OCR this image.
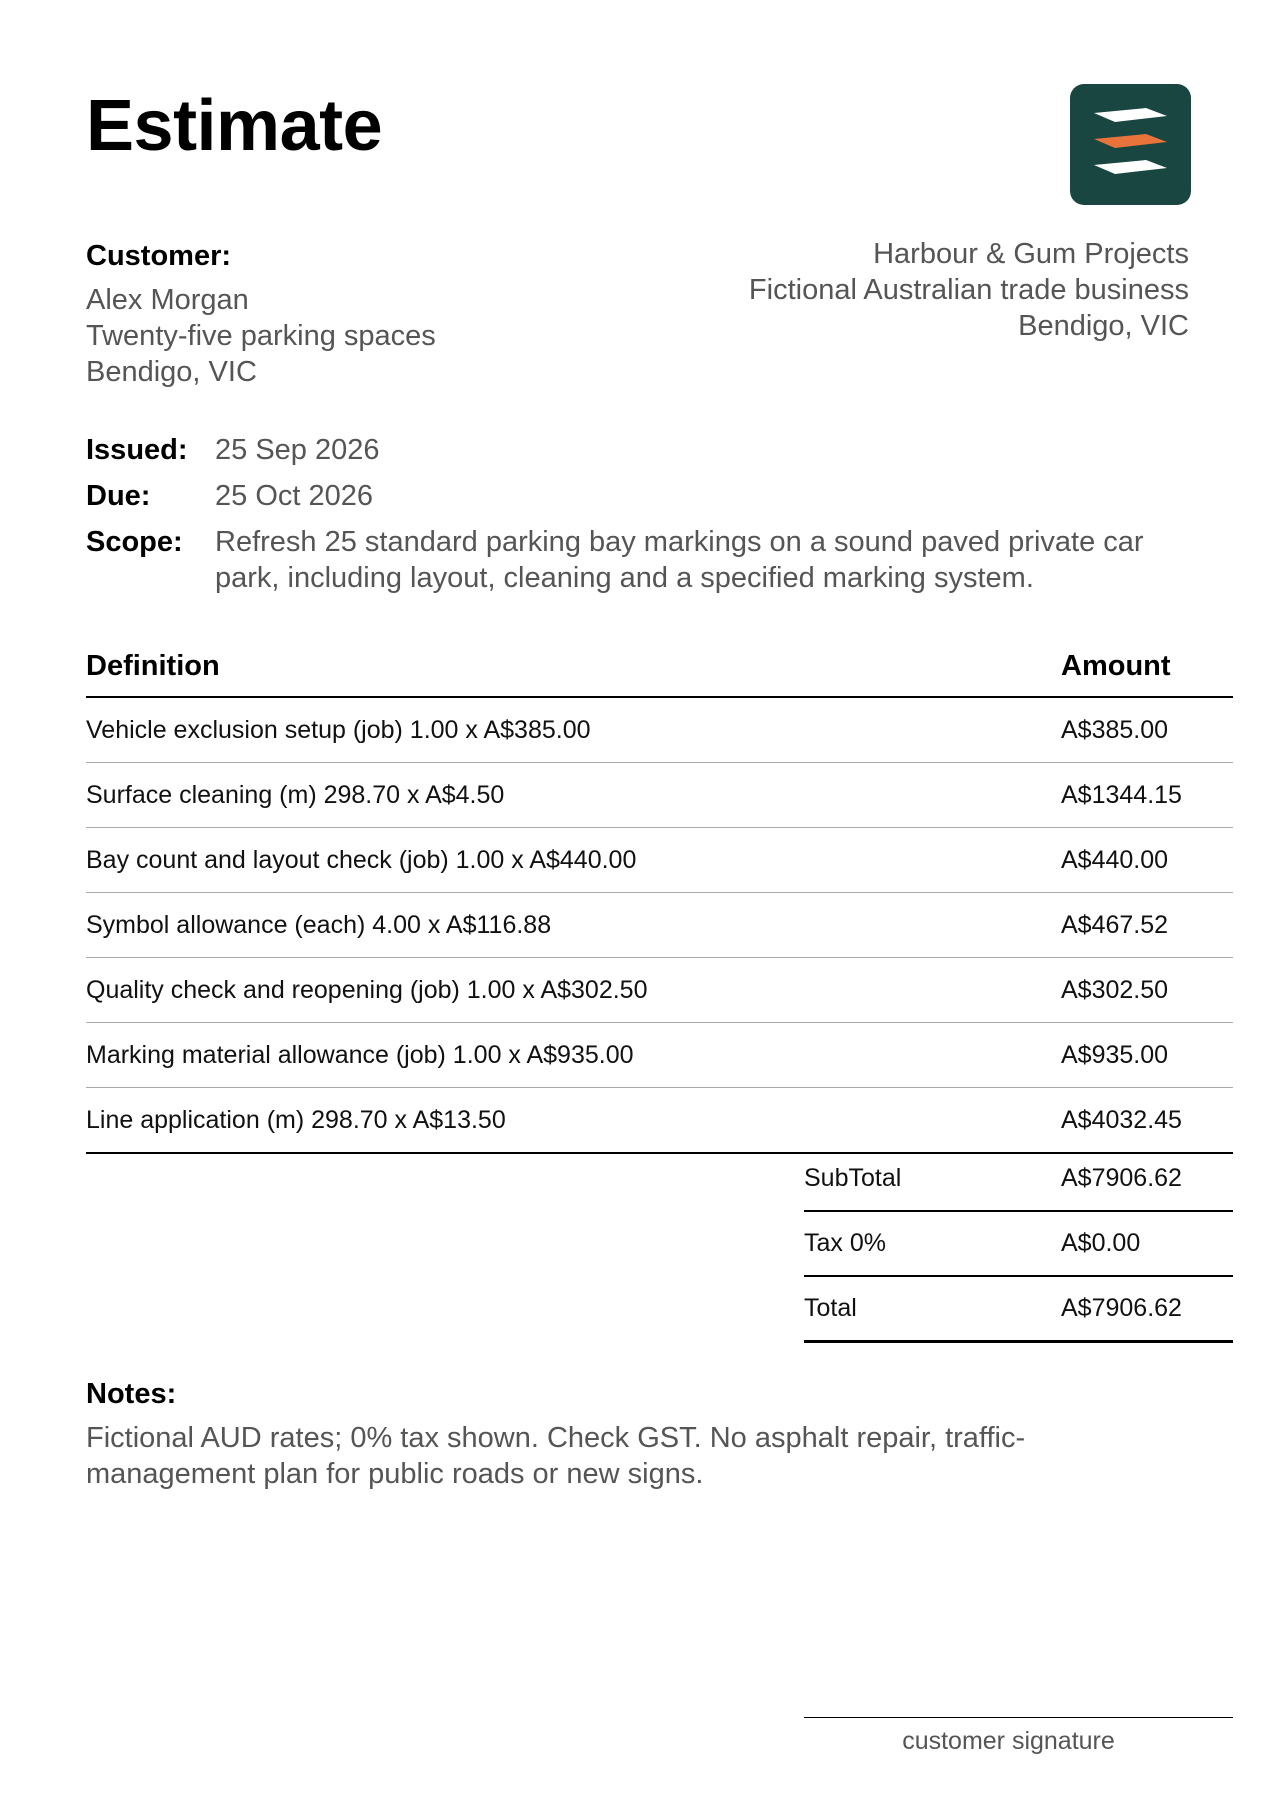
Estimate
Customer:
Alex Morgan
Twenty-five parking spaces
Bendigo, VIC
Harbour & Gum Projects
Fictional Australian trade business
Bendigo, VIC
Issued: 25 Sep 2026
Due:	25 Oct 2026
Scope:	Refresh 25 standard parking bay markings on a sound paved private car park, including layout, cleaning and a specified marking system.
Definition	Amount
Vehicle exclusion setup (job) 1.00 x A$385.00	A$385.00
Surface cleaning (m) 298.70 x A$4.50	A$1344.15
Bay count and layout check (job) 1.00 x A$440.00	A$440.00
Symbol allowance (each) 4.00 x A$116.88	A$467.52
Quality check and reopening (job) 1.00 x A$302.50	A$302.50
Marking material allowance (job) 1.00 x A$935.00	A$935.00
Line application (m) 298.70 x A$13.50	A$4032.45
SubTotal	A$7906.62
Tax 0%	A$0.00
Total	A$7906.62
Notes:
Fictional AUD rates; 0% tax shown. Check GST. No asphalt repair, traffic-management plan for public roads or new signs.
customer signature
